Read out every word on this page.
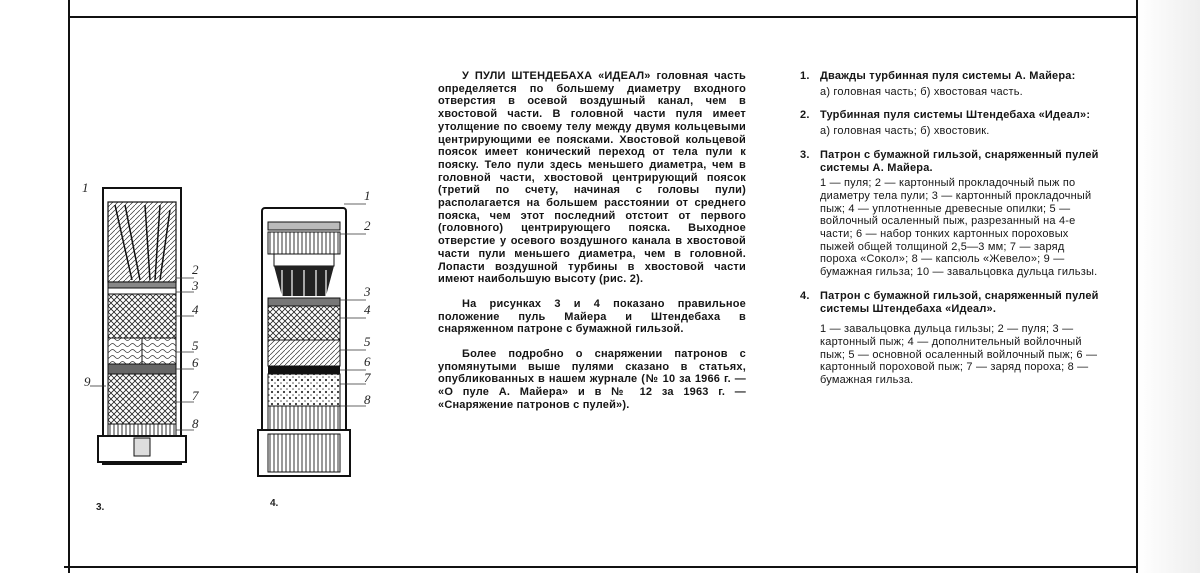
1
2
3
4
5
6
9
7
8
3.
1
2
3
4
5
6
7
8
4.

У ПУЛИ ШТЕНДЕБАХА «ИДЕАЛ» головная часть определяется по большему диаметру входного отверстия в осевой воздушный канал, чем в хвостовой части. В головной части пуля имеет утолщение по своему телу между двумя кольцевыми центрирующими ее поясками. Хвостовой кольцевой поясок имеет конический переход от тела пули к пояску. Тело пули здесь меньшего диаметра, чем в головной части, хвостовой центрирующий поясок (третий по счету, начиная с головы пули) располагается на большем расстоянии от среднего пояска, чем этот последний отстоит от первого (головного) центрирующего пояска. Выходное отверстие у осевого воздушного канала в хвостовой части пули меньшего диаметра, чем в головной. Лопасти воздушной турбины в хвостовой части имеют наибольшую высоту (рис. 2).

На рисунках 3 и 4 показано правильное положение пуль Майера и Штендебаха в снаряженном патроне с бумажной гильзой.

Более подробно о снаряжении патронов с упомянутыми выше пулями сказано в статьях, опубликованных в нашем журнале (№ 10 за 1966 г. — «О пуле А. Майера» и в № 12 за 1963 г. — «Снаряжение патронов с пулей»).

1. Дважды турбинная пуля системы А. Майера:
а) головная часть; б) хвостовая часть.
2. Турбинная пуля системы Штендебаха «Идеал»:
а) головная часть; б) хвостовик.
3. Патрон с бумажной гильзой, снаряженный пулей системы А. Майера.
1 — пуля; 2 — картонный прокладочный пыж по диаметру тела пули; 3 — картонный прокладочный пыж; 4 — уплотненные древесные опилки; 5 — войлочный осаленный пыж, разрезанный на 4-е части; 6 — набор тонких картонных пороховых пыжей общей толщиной 2,5—3 мм; 7 — заряд пороха «Сокол»; 8 — капсюль «Жевело»; 9 — бумажная гильза; 10 — завальцовка дульца гильзы.
4. Патрон с бумажной гильзой, снаряженный пулей системы Штендебаха «Идеал».
1 — завальцовка дульца гильзы; 2 — пуля; 3 — картонный пыж; 4 — дополнительный войлочный пыж; 5 — основной осаленный войлочный пыж; 6 — картонный пороховой пыж; 7 — заряд пороха; 8 — бумажная гильза.
